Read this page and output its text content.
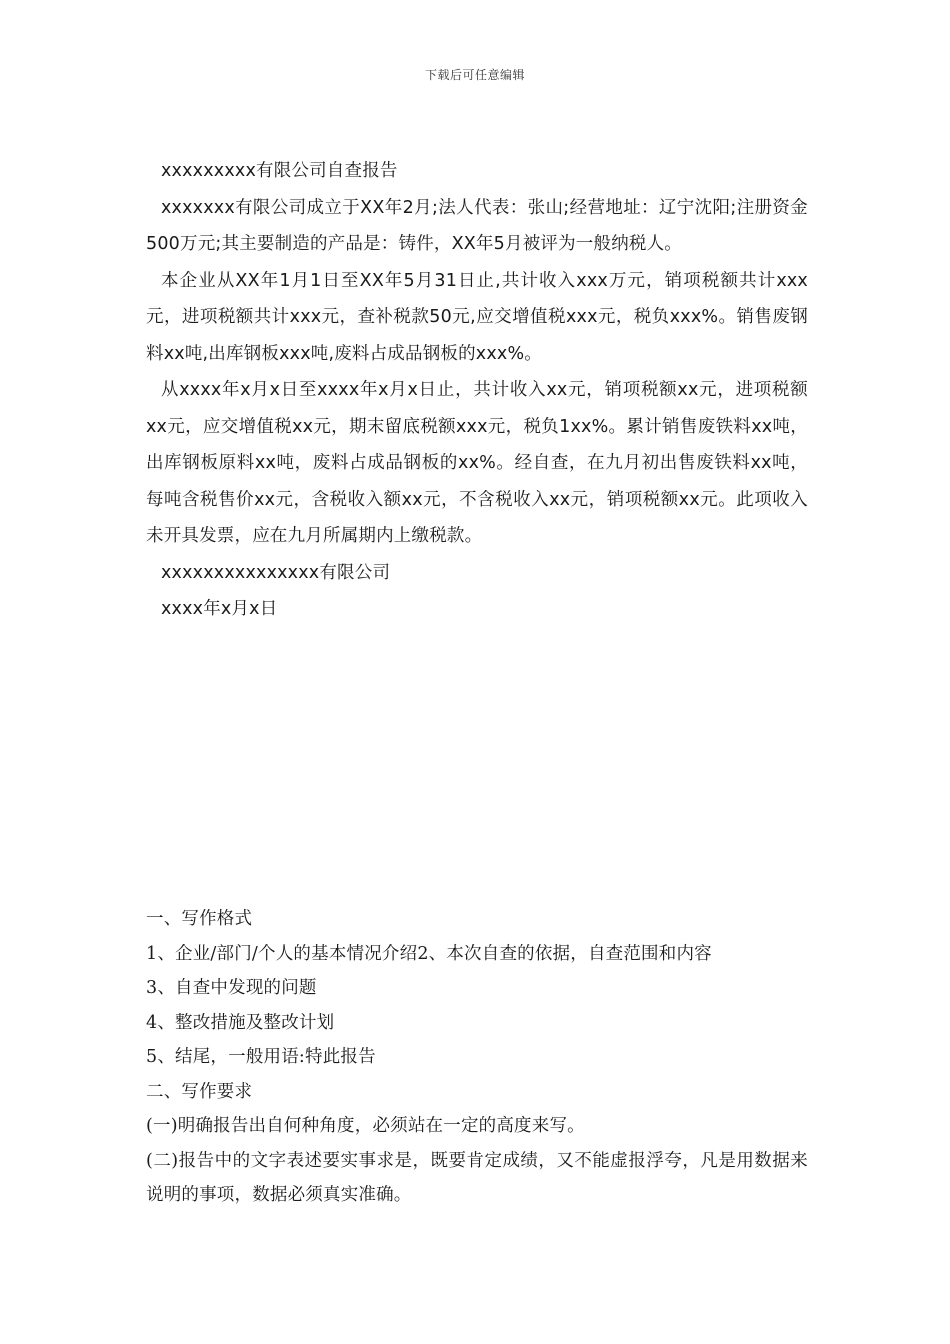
下载后可任意编辑

xxxxxxxxx有限公司自查报告

xxxxxxx有限公司成立于XX年2月;法人代表：张山;经营地址：辽宁沈阳;注册资金500万元;其主要制造的产品是：铸件，XX年5月被评为一般纳税人。

本企业从XX年1月1日至XX年5月31日止,共计收入xxx万元，销项税额共计xxx元，进项税额共计xxx元，查补税款50元,应交增值税xxx元，税负xxx%。销售废钢料xx吨,出库钢板xxx吨,废料占成品钢板的xxx%。

从xxxx年x月x日至xxxx年x月x日止，共计收入xx元，销项税额xx元，进项税额xx元，应交增值税xx元，期末留底税额xxx元，税负1xx%。累计销售废铁料xx吨，出库钢板原料xx吨，废料占成品钢板的xx%。经自查，在九月初出售废铁料xx吨，每吨含税售价xx元，含税收入额xx元，不含税收入xx元，销项税额xx元。此项收入未开具发票，应在九月所属期内上缴税款。

xxxxxxxxxxxxxxx有限公司

xxxx年x月x日

一、写作格式

1、企业/部门/个人的基本情况介绍2、本次自查的依据，自查范围和内容

3、自查中发现的问题

4、整改措施及整改计划

5、结尾，一般用语:特此报告

二、写作要求

(一)明确报告出自何种角度，必须站在一定的高度来写。

(二)报告中的文字表述要实事求是，既要肯定成绩，又不能虚报浮夸，凡是用数据来说明的事项，数据必须真实准确。
